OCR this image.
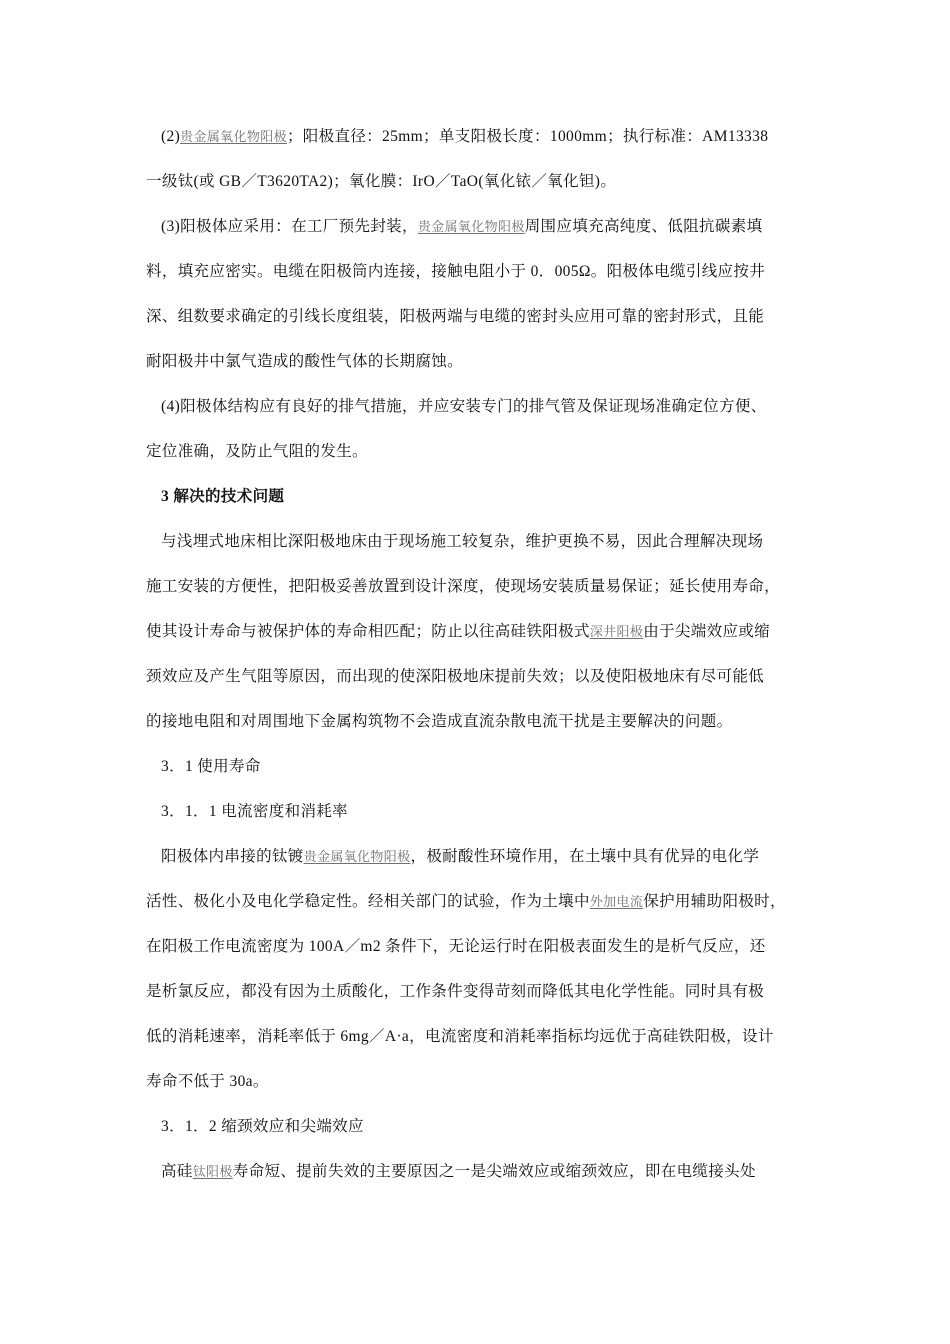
(2)贵金属氧化物阳极；阳极直径：25mm；单支阳极长度：1000mm；执行标准：AM13338
一级钛(或 GB／T3620TA2)；氧化膜：IrO／TaO(氧化铱／氧化钽)。
(3)阳极体应采用：在工厂预先封装，贵金属氧化物阳极周围应填充高纯度、低阻抗碳素填
料，填充应密实。电缆在阳极筒内连接，接触电阻小于 0．005Ω。阳极体电缆引线应按井
深、组数要求确定的引线长度组装，阳极两端与电缆的密封头应用可靠的密封形式，且能
耐阳极井中氯气造成的酸性气体的长期腐蚀。
(4)阳极体结构应有良好的排气措施，并应安装专门的排气管及保证现场准确定位方便、
定位准确，及防止气阻的发生。
3 解决的技术问题
与浅埋式地床相比深阳极地床由于现场施工较复杂，维护更换不易，因此合理解决现场
施工安装的方便性，把阳极妥善放置到设计深度，使现场安装质量易保证；延长使用寿命，
使其设计寿命与被保护体的寿命相匹配；防止以往高硅铁阳极式深井阳极由于尖端效应或缩
颈效应及产生气阻等原因，而出现的使深阳极地床提前失效；以及使阳极地床有尽可能低
的接地电阻和对周围地下金属构筑物不会造成直流杂散电流干扰是主要解决的问题。
3．1 使用寿命
3．1．1 电流密度和消耗率
阳极体内串接的钛镀贵金属氧化物阳极，极耐酸性环境作用，在土壤中具有优异的电化学
活性、极化小及电化学稳定性。经相关部门的试验，作为土壤中外加电流保护用辅助阳极时，
在阳极工作电流密度为 100A／m2 条件下，无论运行时在阳极表面发生的是析气反应，还
是析氯反应，都没有因为土质酸化，工作条件变得苛刻而降低其电化学性能。同时具有极
低的消耗速率，消耗率低于 6mg／A·a，电流密度和消耗率指标均远优于高硅铁阳极，设计
寿命不低于 30a。
3．1．2 缩颈效应和尖端效应
高硅钛阳极寿命短、提前失效的主要原因之一是尖端效应或缩颈效应，即在电缆接头处
